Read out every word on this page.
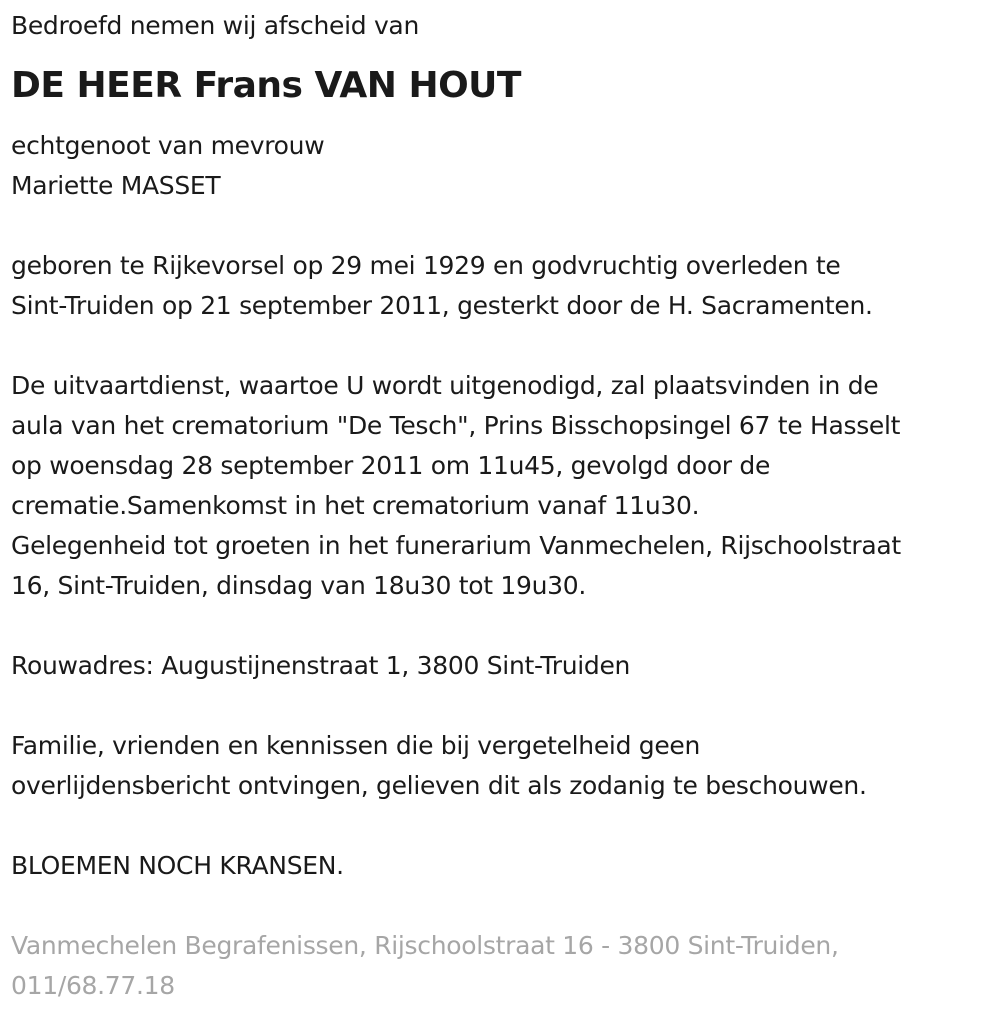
Bedroefd nemen wij afscheid van
DE HEER Frans VAN HOUT
echtgenoot van mevrouw
Mariette MASSET
geboren te Rijkevorsel op 29 mei 1929 en godvruchtig overleden te
Sint-Truiden op 21 september 2011, gesterkt door de H. Sacramenten.
De uitvaartdienst, waartoe U wordt uitgenodigd, zal plaatsvinden in de
aula van het crematorium "De Tesch", Prins Bisschopsingel 67 te Hasselt
op woensdag 28 september 2011 om 11u45, gevolgd door de
crematie.Samenkomst in het crematorium vanaf 11u30.
Gelegenheid tot groeten in het funerarium Vanmechelen, Rijschoolstraat
16, Sint-Truiden, dinsdag van 18u30 tot 19u30.
Rouwadres: Augustijnenstraat 1, 3800 Sint-Truiden
Familie, vrienden en kennissen die bij vergetelheid geen
overlijdensbericht ontvingen, gelieven dit als zodanig te beschouwen.
BLOEMEN NOCH KRANSEN.
Vanmechelen Begrafenissen, Rijschoolstraat 16 - 3800 Sint-Truiden,
011/68.77.18
